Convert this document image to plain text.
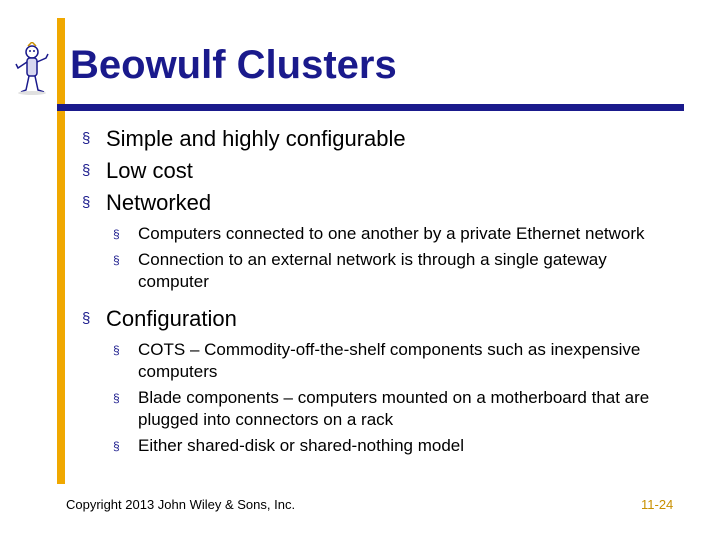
Beowulf Clusters
§ Simple and highly configurable
§ Low cost
§ Networked
§ Computers connected to one another by a private Ethernet network
§ Connection to an external network is through a single gateway computer
§ Configuration
§ COTS – Commodity-off-the-shelf components such as inexpensive computers
§ Blade components – computers mounted on a motherboard that are plugged into connectors on a rack
§ Either shared-disk or shared-nothing model
Copyright 2013 John Wiley & Sons, Inc.	11-24
